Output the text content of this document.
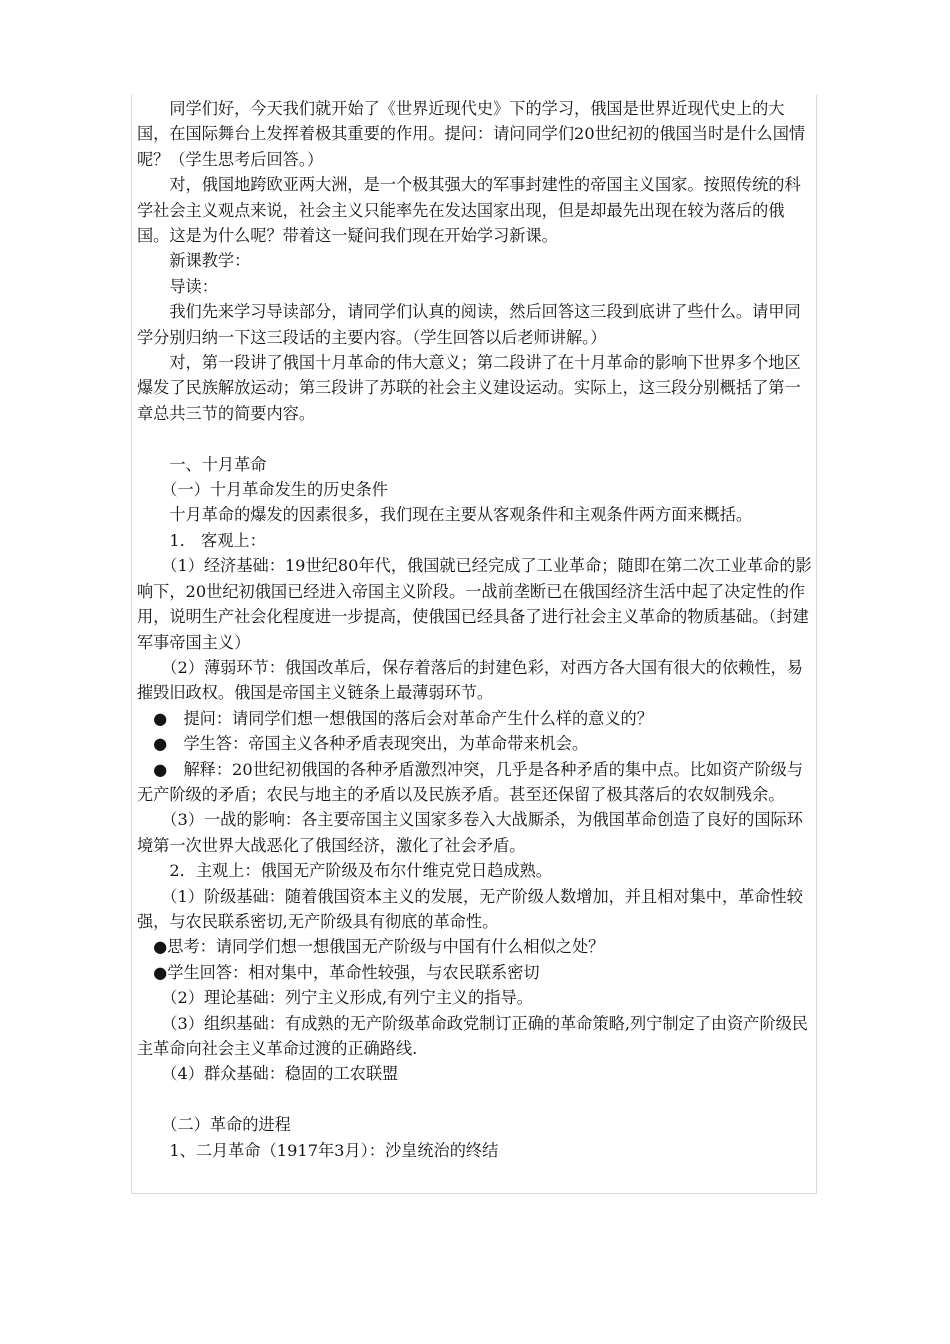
　　同学们好，今天我们就开始了《世界近现代史》下的学习，俄国是世界近现代史上的大国，在国际舞台上发挥着极其重要的作用。提问：请问同学们20世纪初的俄国当时是什么国情呢？（学生思考后回答。）

　　对，俄国地跨欧亚两大洲，是一个极其强大的军事封建性的帝国主义国家。按照传统的科学社会主义观点来说，社会主义只能率先在发达国家出现，但是却最先出现在较为落后的俄国。这是为什么呢？带着这一疑问我们现在开始学习新课。

　　新课教学：

　　导读：

　　我们先来学习导读部分，请同学们认真的阅读，然后回答这三段到底讲了些什么。请甲同学分别归纳一下这三段话的主要内容。（学生回答以后老师讲解。）

　　对，第一段讲了俄国十月革命的伟大意义；第二段讲了在十月革命的影响下世界多个地区爆发了民族解放运动；第三段讲了苏联的社会主义建设运动。实际上，这三段分别概括了第一章总共三节的简要内容。

　　一、十月革命

　　（一）十月革命发生的历史条件

　　十月革命的爆发的因素很多，我们现在主要从客观条件和主观条件两方面来概括。

　　1.　客观上：

　　（1）经济基础：19世纪80年代，俄国就已经完成了工业革命；随即在第二次工业革命的影响下，20世纪初俄国已经进入帝国主义阶段。一战前垄断已在俄国经济生活中起了决定性的作用，说明生产社会化程度进一步提高，使俄国已经具备了进行社会主义革命的物质基础。（封建军事帝国主义）

　　（2）薄弱环节：俄国改革后，保存着落后的封建色彩，对西方各大国有很大的依赖性，易摧毁旧政权。俄国是帝国主义链条上最薄弱环节。

　●　提问：请同学们想一想俄国的落后会对革命产生什么样的意义的？

　●　学生答：帝国主义各种矛盾表现突出，为革命带来机会。

　●　解释：20世纪初俄国的各种矛盾激烈冲突，几乎是各种矛盾的集中点。比如资产阶级与无产阶级的矛盾；农民与地主的矛盾以及民族矛盾。甚至还保留了极其落后的农奴制残余。

　　（3）一战的影响：各主要帝国主义国家多卷入大战厮杀，为俄国革命创造了良好的国际环境第一次世界大战恶化了俄国经济，激化了社会矛盾。

　　2．主观上：俄国无产阶级及布尔什维克党日趋成熟。

　　（1）阶级基础：随着俄国资本主义的发展，无产阶级人数增加，并且相对集中，革命性较强，与农民联系密切,无产阶级具有彻底的革命性。

　●思考：请同学们想一想俄国无产阶级与中国有什么相似之处？

　●学生回答：相对集中，革命性较强，与农民联系密切

　　（2）理论基础：列宁主义形成,有列宁主义的指导。

　　（3）组织基础：有成熟的无产阶级革命政党制订正确的革命策略,列宁制定了由资产阶级民主革命向社会主义革命过渡的正确路线.

　　（4）群众基础：稳固的工农联盟

　　（二）革命的进程

　　1、二月革命（1917年3月）：沙皇统治的终结
